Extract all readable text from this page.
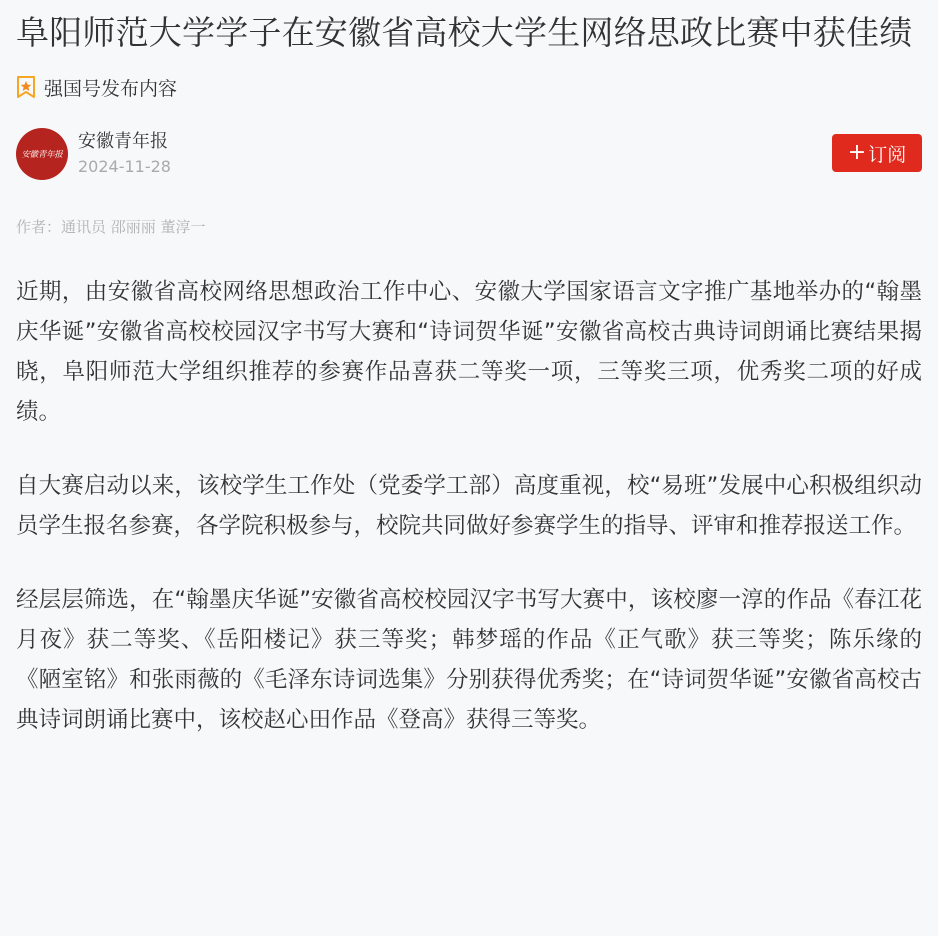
阜阳师范大学学子在安徽省高校大学生网络思政比赛中获佳绩
强国号发布内容
安徽青年报
安徽青年报
2024-11-28
+ 订阅
作者：通讯员 邵丽丽 董淳一

近期，由安徽省高校网络思想政治工作中心、安徽大学国家语言文字推广基地举办的“翰墨庆华诞”安徽省高校校园汉字书写大赛和“诗词贺华诞”安徽省高校古典诗词朗诵比赛结果揭晓，阜阳师范大学组织推荐的参赛作品喜获二等奖一项，三等奖三项，优秀奖二项的好成绩。

自大赛启动以来，该校学生工作处（党委学工部）高度重视，校“易班”发展中心积极组织动员学生报名参赛，各学院积极参与，校院共同做好参赛学生的指导、评审和推荐报送工作。

经层层筛选，在“翰墨庆华诞”安徽省高校校园汉字书写大赛中，该校廖一淳的作品《春江花月夜》获二等奖、《岳阳楼记》获三等奖；韩梦瑶的作品《正气歌》获三等奖；陈乐缘的《陋室铭》和张雨薇的《毛泽东诗词选集》分别获得优秀奖；在“诗词贺华诞”安徽省高校古典诗词朗诵比赛中，该校赵心田作品《登高》获得三等奖。
